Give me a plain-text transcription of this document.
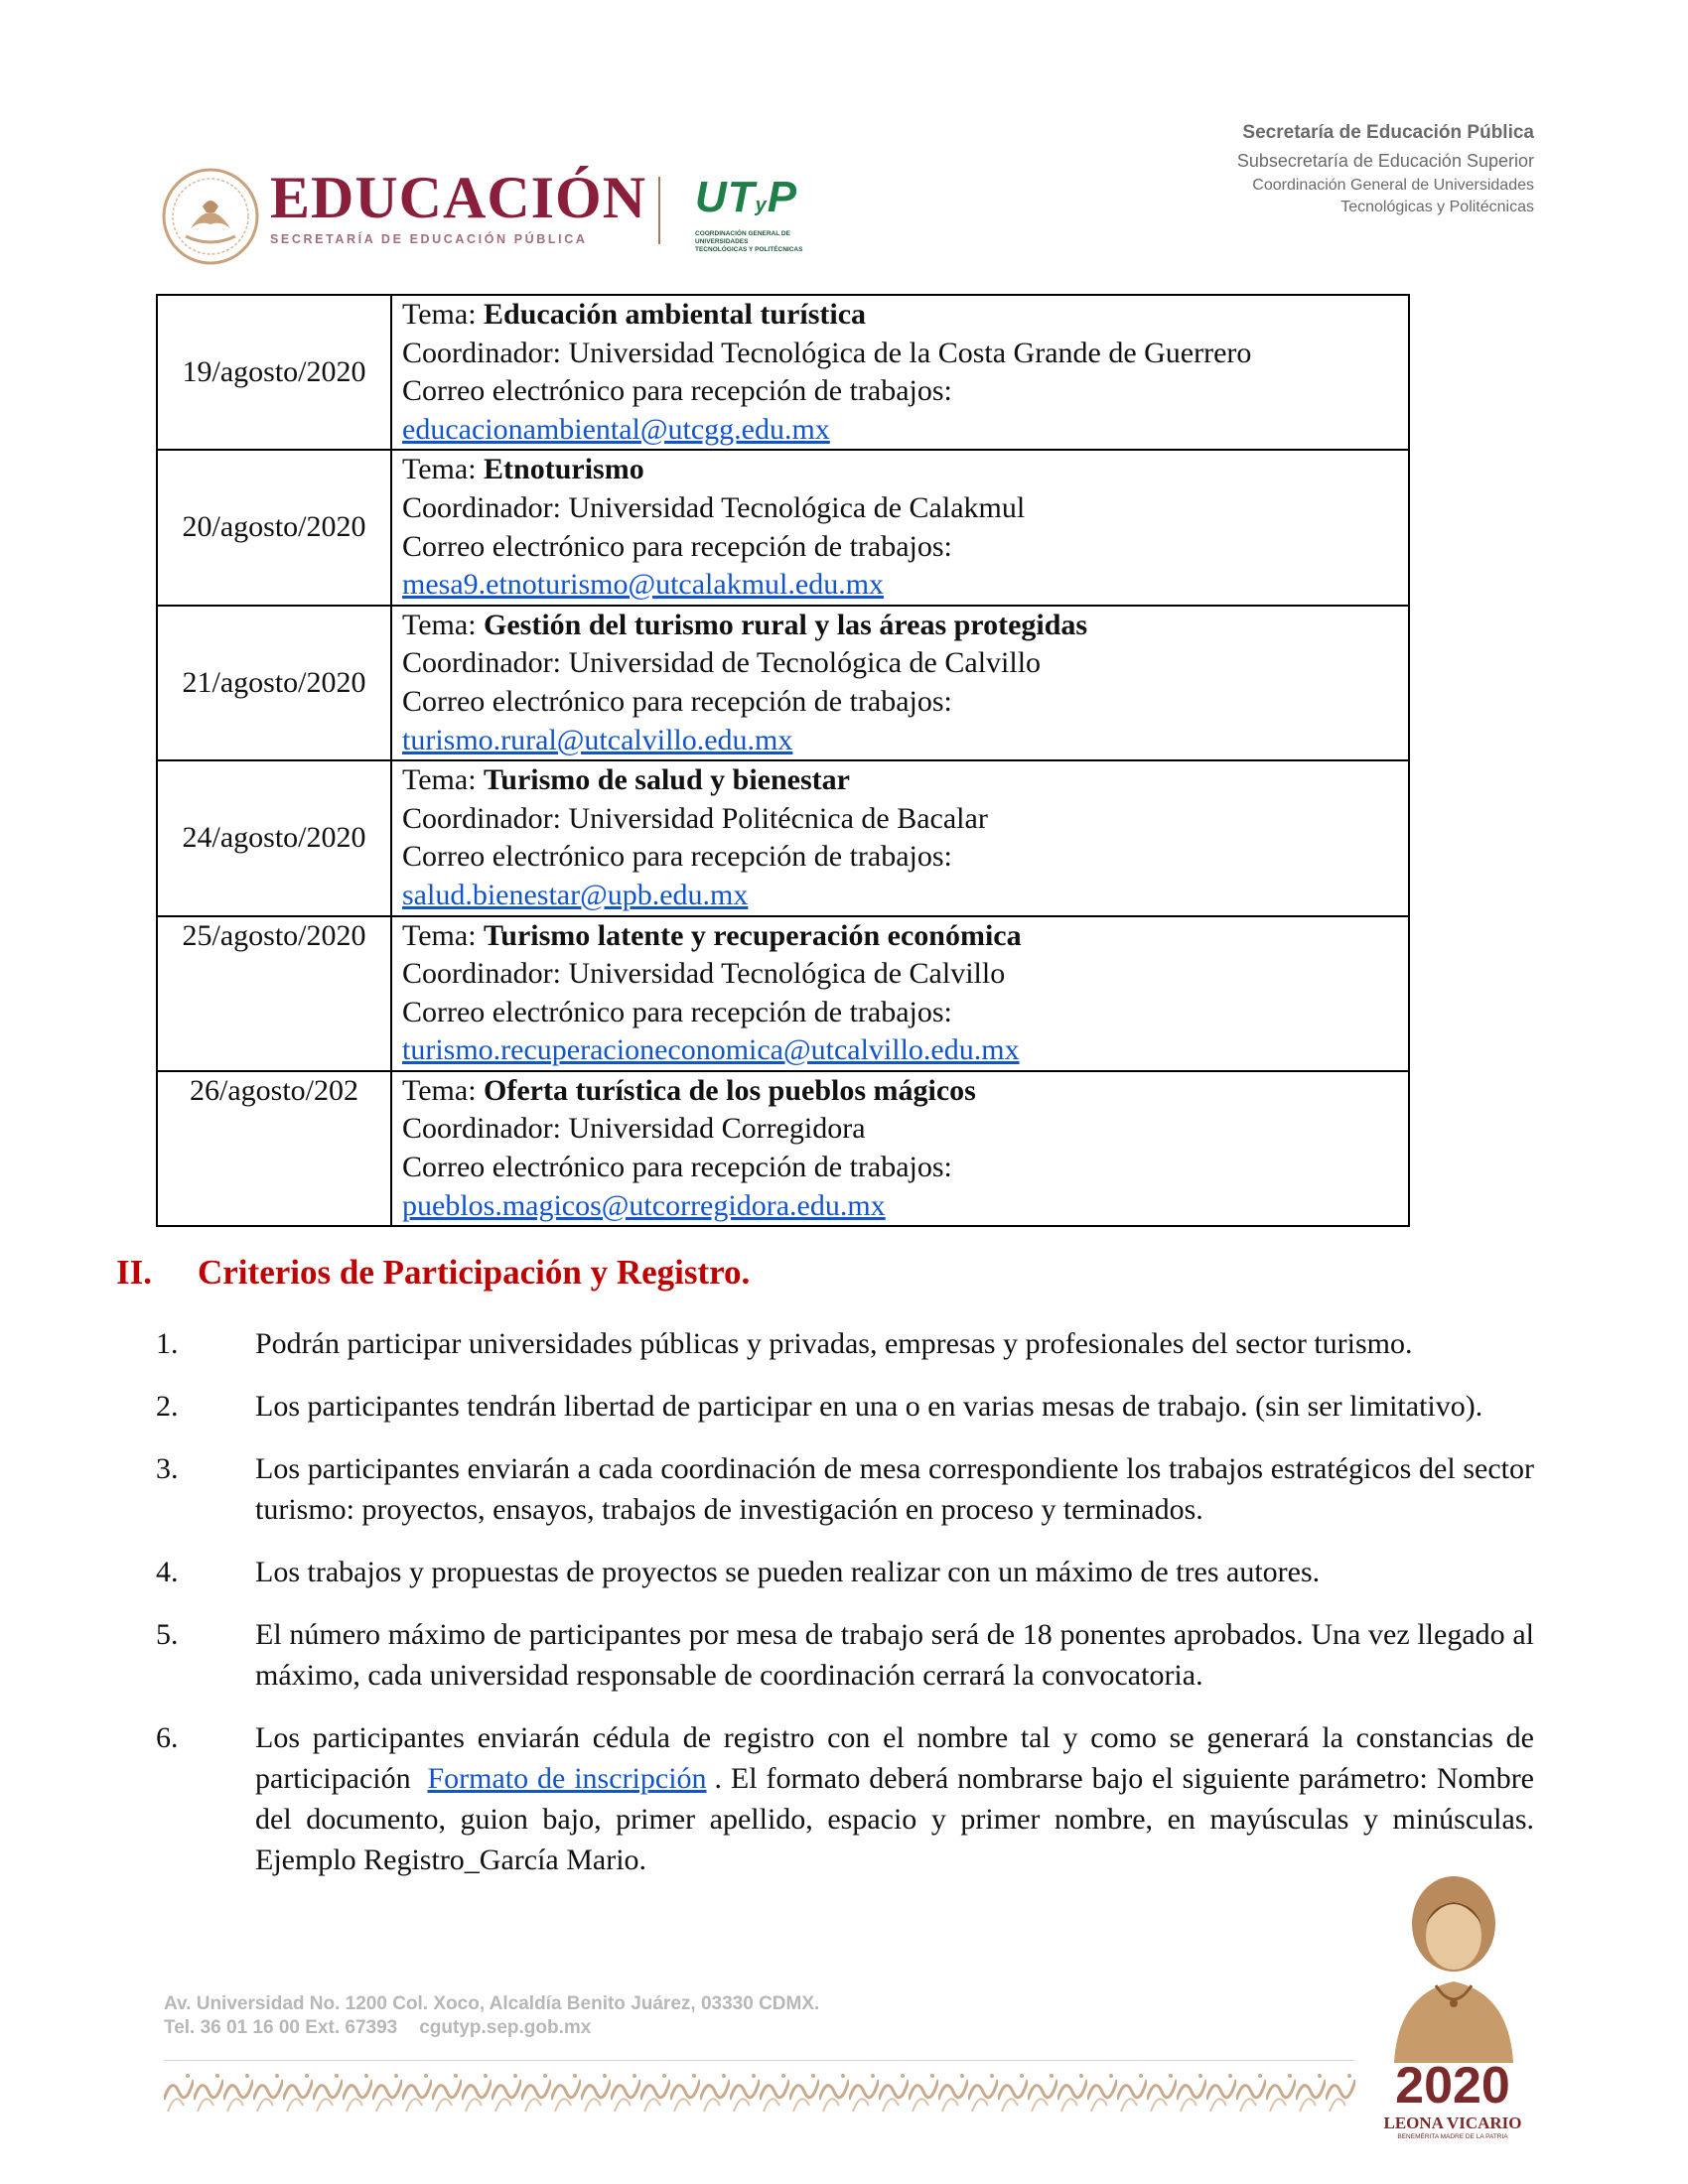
EDUCACIÓN
SECRETARÍA DE EDUCACIÓN PÚBLICA
UTyP
COORDINACIÓN GENERAL DE UNIVERSIDADES
TECNOLÓGICAS Y POLITÉCNICAS
Secretaría de Educación Pública
Subsecretaría de Educación Superior
Coordinación General de Universidades
Tecnológicas y Politécnicas
19/agosto/2020	Tema: Educación ambiental turística
Coordinador: Universidad Tecnológica de la Costa Grande de Guerrero
Correo electrónico para recepción de trabajos:
educacionambiental@utcgg.edu.mx

20/agosto/2020	Tema: Etnoturismo
Coordinador: Universidad Tecnológica de Calakmul
Correo electrónico para recepción de trabajos:
mesa9.etnoturismo@utcalakmul.edu.mx

21/agosto/2020	Tema: Gestión del turismo rural y las áreas protegidas
Coordinador: Universidad de Tecnológica de Calvillo
Correo electrónico para recepción de trabajos:
turismo.rural@utcalvillo.edu.mx

24/agosto/2020	Tema: Turismo de salud y bienestar
Coordinador: Universidad Politécnica de Bacalar
Correo electrónico para recepción de trabajos:
salud.bienestar@upb.edu.mx

25/agosto/2020	Tema: Turismo latente y recuperación económica
Coordinador: Universidad Tecnológica de Calvillo
Correo electrónico para recepción de trabajos:
turismo.recuperacioneconomica@utcalvillo.edu.mx

26/agosto/202	Tema: Oferta turística de los pueblos mágicos
Coordinador: Universidad Corregidora
Correo electrónico para recepción de trabajos:
pueblos.magicos@utcorregidora.edu.mx
II. Criterios de Participación y Registro.
1.	Podrán participar universidades públicas y privadas, empresas y profesionales del sector turismo.
2.	Los participantes tendrán libertad de participar en una o en varias mesas de trabajo. (sin ser limitativo).
3.	Los participantes enviarán a cada coordinación de mesa correspondiente los trabajos estratégicos del sector turismo: proyectos, ensayos, trabajos de investigación en proceso y terminados.
4.	Los trabajos y propuestas de proyectos se pueden realizar con un máximo de tres autores.
5.	El número máximo de participantes por mesa de trabajo será de 18 ponentes aprobados. Una vez llegado al máximo, cada universidad responsable de coordinación cerrará la convocatoria.
6.	Los participantes enviarán cédula de registro con el nombre tal y como se generará la constancias de participación Formato de inscripción . El formato deberá nombrarse bajo el siguiente parámetro: Nombre del documento, guion bajo, primer apellido, espacio y primer nombre, en mayúsculas y minúsculas. Ejemplo Registro_García Mario.
Av. Universidad No. 1200 Col. Xoco, Alcaldía Benito Juárez, 03330 CDMX.
Tel. 36 01 16 00 Ext. 67393 cgutyp.sep.gob.mx
2020
LEONA VICARIO
BENEMÉRITA MADRE DE LA PATRIA
